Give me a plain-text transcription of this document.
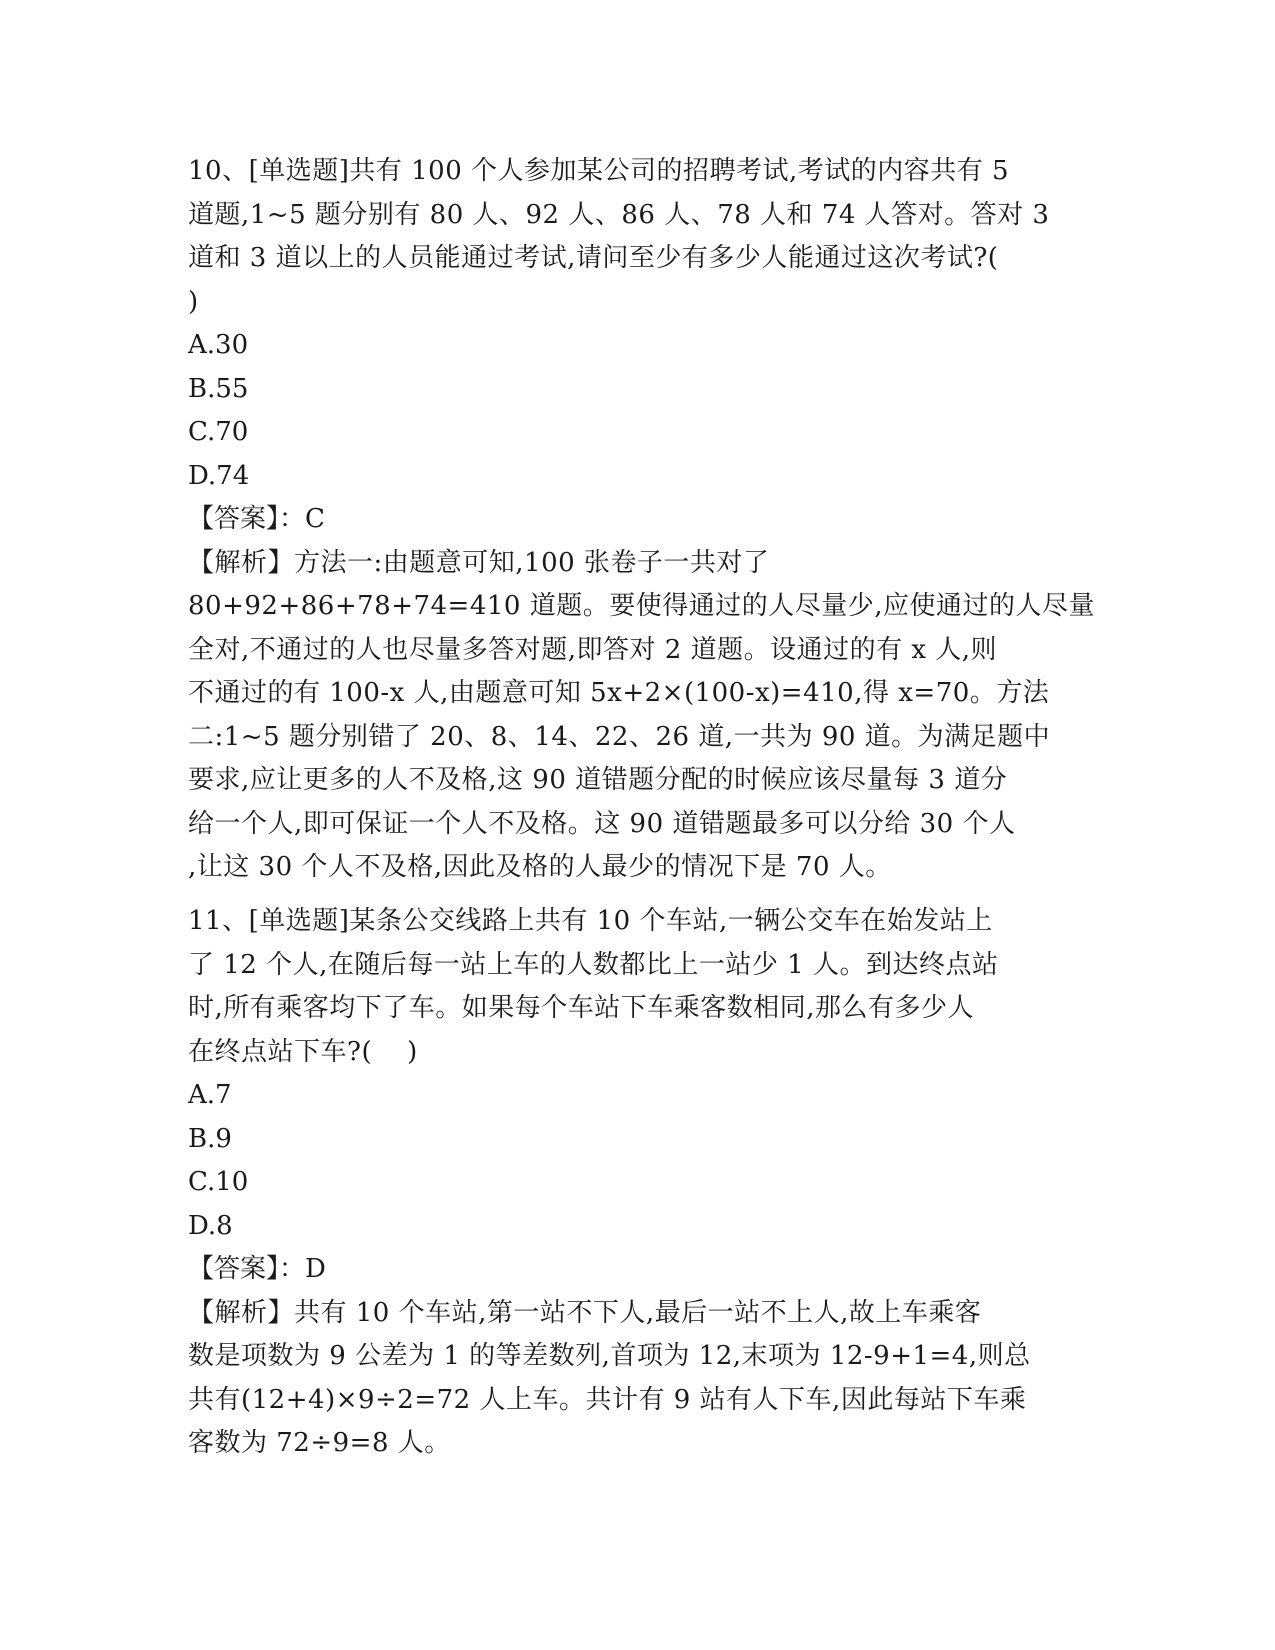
10、[单选题]共有 100 个人参加某公司的招聘考试,考试的内容共有 5
道题,1~5 题分别有 80 人、92 人、86 人、78 人和 74 人答对。答对 3
道和 3 道以上的人员能通过考试,请问至少有多少人能通过这次考试?(
)
A.30
B.55
C.70
D.74
【答案】：C
【解析】方法一:由题意可知,100 张卷子一共对了
80+92+86+78+74=410 道题。要使得通过的人尽量少,应使通过的人尽量
全对,不通过的人也尽量多答对题,即答对 2 道题。设通过的有 x 人,则
不通过的有 100-x 人,由题意可知 5x+2×(100-x)=410,得 x=70。方法
二:1~5 题分别错了 20、8、14、22、26 道,一共为 90 道。为满足题中
要求,应让更多的人不及格,这 90 道错题分配的时候应该尽量每 3 道分
给一个人,即可保证一个人不及格。这 90 道错题最多可以分给 30 个人
,让这 30 个人不及格,因此及格的人最少的情况下是 70 人。
11、[单选题]某条公交线路上共有 10 个车站,一辆公交车在始发站上
了 12 个人,在随后每一站上车的人数都比上一站少 1 人。到达终点站
时,所有乘客均下了车。如果每个车站下车乘客数相同,那么有多少人
在终点站下车?(    )
A.7
B.9
C.10
D.8
【答案】：D
【解析】共有 10 个车站,第一站不下人,最后一站不上人,故上车乘客
数是项数为 9 公差为 1 的等差数列,首项为 12,末项为 12-9+1=4,则总
共有(12+4)×9÷2=72 人上车。共计有 9 站有人下车,因此每站下车乘
客数为 72÷9=8 人。
